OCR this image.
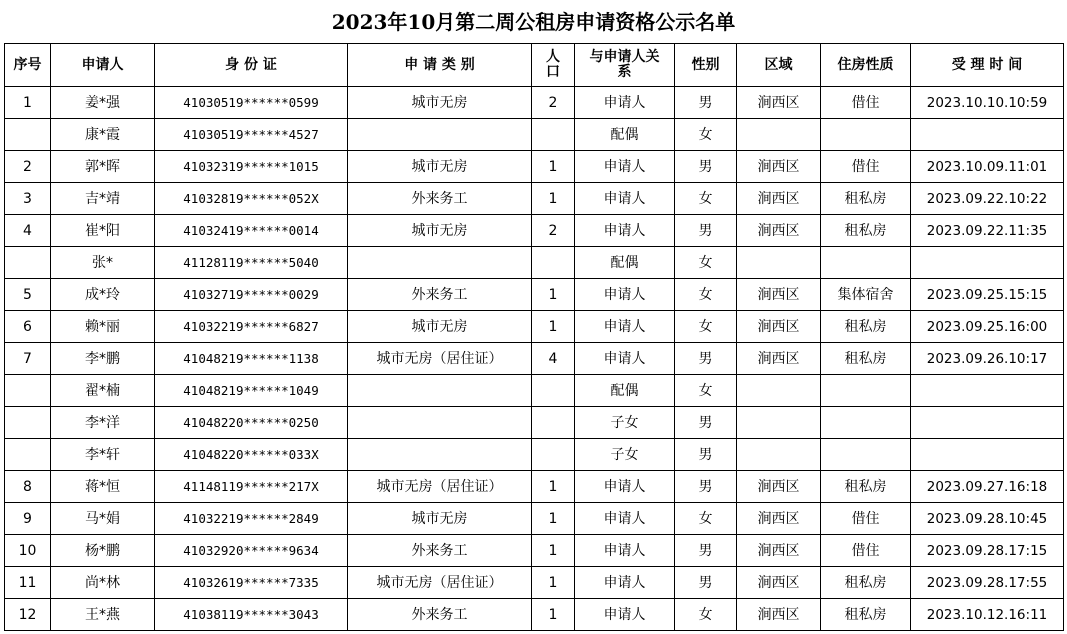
2023年10月第二周公租房申请资格公示名单
序号	申请人	身 份 证	申 请 类 别	人口	与申请人关系	性别	区域	住房性质	受 理 时 间
1	姜*强	41030519******0599	城市无房	2	申请人	男	涧西区	借住	2023.10.10.10:59
	康*霞	41030519******4527			配偶	女			
2	郭*晖	41032319******1015	城市无房	1	申请人	男	涧西区	借住	2023.10.09.11:01
3	吉*靖	41032819******052X	外来务工	1	申请人	女	涧西区	租私房	2023.09.22.10:22
4	崔*阳	41032419******0014	城市无房	2	申请人	男	涧西区	租私房	2023.09.22.11:35
	张*	41128119******5040			配偶	女			
5	成*玲	41032719******0029	外来务工	1	申请人	女	涧西区	集体宿舍	2023.09.25.15:15
6	赖*丽	41032219******6827	城市无房	1	申请人	女	涧西区	租私房	2023.09.25.16:00
7	李*鹏	41048219******1138	城市无房（居住证）	4	申请人	男	涧西区	租私房	2023.09.26.10:17
	翟*楠	41048219******1049			配偶	女			
	李*洋	41048220******0250			子女	男			
	李*轩	41048220******033X			子女	男			
8	蒋*恒	41148119******217X	城市无房（居住证）	1	申请人	男	涧西区	租私房	2023.09.27.16:18
9	马*娟	41032219******2849	城市无房	1	申请人	女	涧西区	借住	2023.09.28.10:45
10	杨*鹏	41032920******9634	外来务工	1	申请人	男	涧西区	借住	2023.09.28.17:15
11	尚*林	41032619******7335	城市无房（居住证）	1	申请人	男	涧西区	租私房	2023.09.28.17:55
12	王*燕	41038119******3043	外来务工	1	申请人	女	涧西区	租私房	2023.10.12.16:11
